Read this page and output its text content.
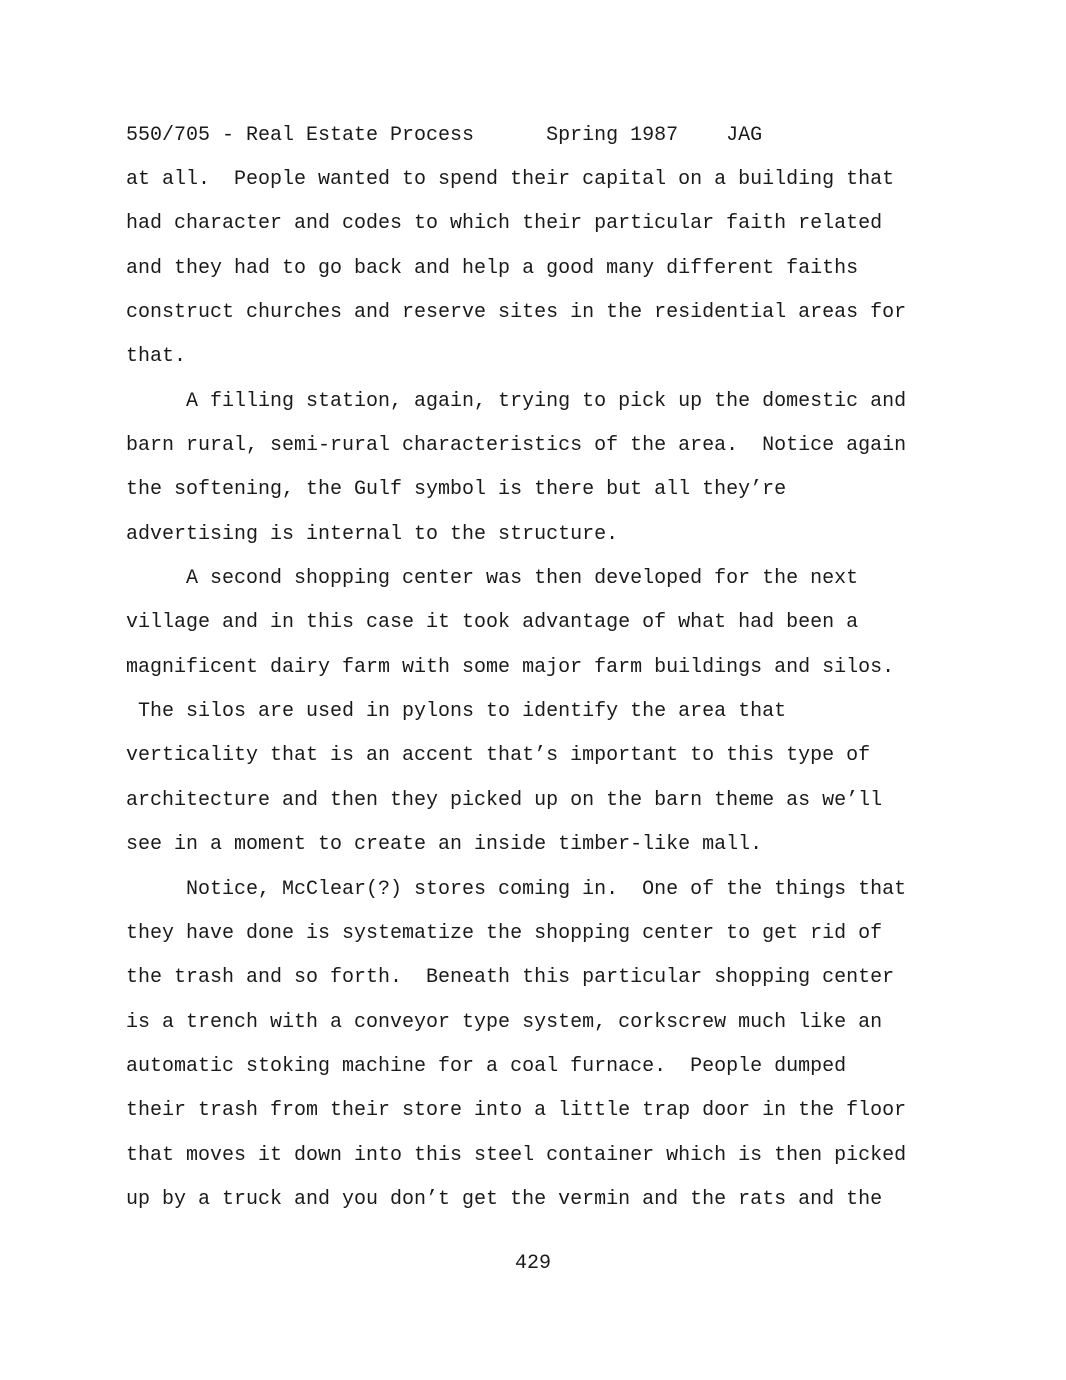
550/705 - Real Estate Process	Spring 1987 JAG
at all.  People wanted to spend their capital on a building that
had character and codes to which their particular faith related
and they had to go back and help a good many different faiths
construct churches and reserve sites in the residential areas for
that.
A filling station, again, trying to pick up the domestic and
barn rural, semi-rural characteristics of the area.  Notice again
the softening, the Gulf symbol is there but all they’re
advertising is internal to the structure.
A second shopping center was then developed for the next
village and in this case it took advantage of what had been a
magnificent dairy farm with some major farm buildings and silos.
The silos are used in pylons to identify the area that
verticality that is an accent that’s important to this type of
architecture and then they picked up on the barn theme as we’ll
see in a moment to create an inside timber-like mall.
Notice, McClear(?) stores coming in.  One of the things that
they have done is systematize the shopping center to get rid of
the trash and so forth.  Beneath this particular shopping center
is a trench with a conveyor type system, corkscrew much like an
automatic stoking machine for a coal furnace.  People dumped
their trash from their store into a little trap door in the floor
that moves it down into this steel container which is then picked
up by a truck and you don’t get the vermin and the rats and the
429
